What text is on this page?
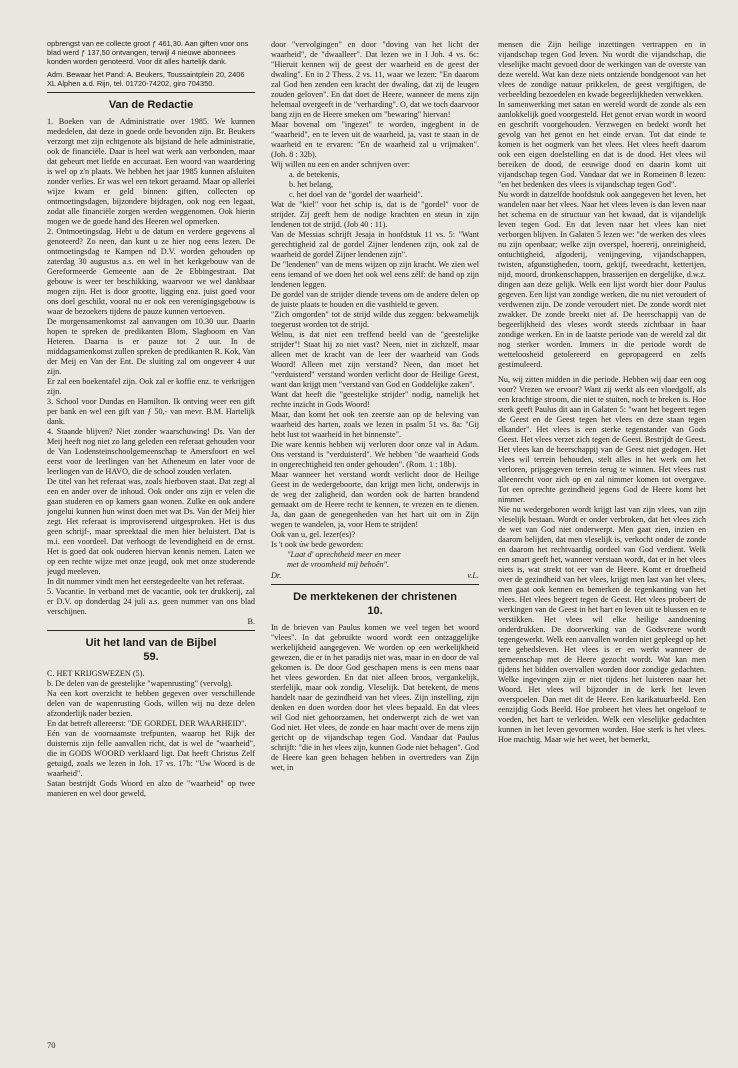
opbrengst van ee collecte groot ƒ 461,30. Aan giften voor ons blad werd ƒ 137,50 ontvangen, terwijl 4 nieuwe abonnees konden worden genoteerd. Voor dit alles hartelijk dank.

Adm. Bewaar het Pand: A. Beukers, Toussaintplein 20, 2406 XL Alphen a.d. Rijn, tel. 01720-74202, giro 704350.

Van de Redactie

1. Boeken van de Administratie over 1985. We kunnen mededelen, dat deze in goede orde bevonden zijn. Br. Beukers verzorgt met zijn echtgenote als bijstand de hele administratie, ook de financiële. Daar is heel wat werk aan verbonden, maar dat gebeurt met liefde en accuraat. Een woord van waardering is wel op z'n plaats. We hebben het jaar 1985 kunnen afsluiten zonder verlies. Er was wel een tekort geraamd. Maar op allerlei wijze kwam er geld binnen: giften, collecten op ontmoetingsdagen, bijzondere bijdragen, ook nog een legaat, zodat alle financiële zorgen werden weggenomen. Ook hierin mogen we de goede hand des Heeren wel opmerken.

2. Ontmoetingsdag. Hebt u de datum en verdere gegevens al genoteerd? Zo neen, dan kunt u ze hier nog eens lezen. De ontmoetingsdag te Kampen nd D.V. worden gehouden op zaterdag 30 augustus a.s. en wel in het kerkgebouw van de Gereformeerde Gemeente aan de 2e Ebbingestraat. Dat gebouw is weer ter beschikking, waarvoor we wel dankbaar mogen zijn. Het is door grootte, ligging enz. juist goed voor ons doel geschikt, vooral nu er ook een verenigingsgebouw is waar de bezoekers tijdens de pauze kunnen vertoeven.

De morgensamenkomst zal aanvangen om 10.30 uur. Daarin hopen te spreken de predikanten Blom, Slagboom en Van Heteren. Daarna is er pauze tot 2 uur. In de middagsamenkomst zullen spreken de predikanten R. Kok, Van der Meij en Van der Ent. De sluiting zal om ongeveer 4 uur zijn.

Er zal een boekentafel zijn. Ook zal er koffie enz. te verkrijgen zijn.

3. School voor Dundas en Hamilton. Ik ontving weer een gift per bank en wel een gift van ƒ 50,- van mevr. B.M. Hartelijk dank.

4. Staande blijven? Niet zonder waarschuwing! Ds. Van der Meij heeft nog niet zo lang geleden een referaat gehouden voor de Van Lodensteinschoolgemeenschap te Amersfoort en wel eerst voor de leerlingen van het Atheneum en later voor de leerlingen van de HAVO, die de school zouden verlaten.

De titel van het referaat was, zoals hierboven staat. Dat zegt al een en ander over de inhoud. Ook onder ons zijn er velen die gaan studeren en op kamers gaan wonen. Zulke en ook andere jongelui kunnen hun winst doen met wat Ds. Van der Meij hier zegt. Het referaat is improviserend uitgesproken. Het is dus geen schrijf-, maar spreektaal die men hier beluistert. Dat is m.i. een voordeel. Dat verhoogt de levendigheid en de ernst. Het is goed dat ook ouderen hiervan kennis nemen. Laten we op een rechte wijze met onze jeugd, ook met onze studerende jeugd meeleven.

In dit nummer vindt men het eerstegedeelte van het referaat.

5. Vacantie. In verband met de vacantie, ook ter drukkerij, zal er D.V. op donderdag 24 juli a.s. geen nummer van ons blad verschijnen.

B.
Uit het land van de Bijbel
59.

C. HET KRIJGSWEZEN (5).

b. De delen van de geestelijke "wapenrusting" (vervolg).

Na een kort overzicht te hebben gegeven over verschillende delen van de wapenrusting Gods, willen wij nu deze delen afzonderlijk nader bezien.

En dat betreft allereerst: "DE GORDEL DER WAARHEID".

Eén van de voornaamste trefpunten, waarop het Rijk der duisternis zijn felle aanvallen richt, dat is wel de "waarheid", die in GODS WOORD verklaard ligt. Dat heeft Christus Zelf getuigd, zoals we lezen in Joh. 17 vs. 17b: "Uw Woord is de waarheid".

Satan bestrijdt Gods Woord en alzo de "waarheid" op twee manieren en wel door geweld,

door "vervolgingen" en door "doving van het licht der waarheid", de "dwaalleer". Dat lezen we in I Joh. 4 vs. 6c: "Hieruit kennen wij de geest der waarheid en de geest der dwaling". En in 2 Thess. 2 vs. 11, waar we lezen: "En daarom zal God hen zenden een kracht der dwaling, dat zij de leugen zouden geloven". En dat doet de Heere, wanneer de mens zijn helemaal overgeeft in de "verharding". O, dat we toch daarvoor bang zijn en de Heere smeken om "bewaring" hiervan!

Maar bovenal om "ingezet" te worden, ingegbent in de "waarheid", en te leven uit de waarheid, ja, vast te staan in de waarheid en te ervaren: "En de waarheid zal u vrijmaken". (Joh. 8 : 32b).

Wij willen nu een en ander schrijven over:

a. de betekenis,
b. het belang,
c. het doel van de "gordel der waarheid".

Wat de "kiel" voor het schip is, dat is de "gordel" voor de strijder. Zij geeft hem de nodige krachten en steun in zijn lendenen tot de strijd. (Job 40 : 11).

Van de Messias schrijft Jesaja in hoofdstuk 11 vs. 5: "Want gerechtigheid zal de gordel Zijner lendenen zijn, ook zal de waarheid de gordel Zijner lendenen zijn".

De "lendenen" van de mens wijzen op zijn kracht. We zien wel eens iemand of we doen het ook wel eens zélf: de hand op zijn lendenen leggen.

De gordel van de strijder diende tevens om de andere delen op de juiste plaats te houden en die vasthield te geven.

"Zich omgorden" tot de strijd wilde dus zeggen: bekwamelijk toegerust worden tot de strijd.

Welnu, is dat niet een treffend beeld van de "geestelijke strijder"! Staat hij zo niet vast? Neen, niet in zichzelf, maar alleen met de kracht van de leer der waarheid van Gods Woord! Alleen met zijn verstand? Neen, dan moet het "verduisterd" verstand worden verlicht door de Heilige Geest, want dan krijgt men "verstand van God en Goddelijke zaken".

Want dat heeft die "geestelijke strijder" nodig, namelijk het rechte inzicht in Gods Woord!

Maar, dan komt het ook ten zeerste aan op de beleving van waarheid des harten, zoals we lezen in psalm 51 vs. 8a: "Gij hebt lust tot waarheid in het binnenste".

Die ware kennis hebben wij verloren door onze val in Adam. Ons verstand is "verduisterd". We hebben "de waarheid Gods in ongerechtigheid ten onder gehouden". (Rom. 1 : 18b).

Maar wanneer het verstand wordt verlicht door de Heilige Geest in de wedergeboorte, dan krijgt men licht, onderwijs in de weg der zaligheid, dan worden ook de harten brandend gemaakt om de Heere recht te kennen, te vrezen en te dienen. Ja, dan gaan de genegenheden van het hart uit om in Zijn wegen te wandelen, ja, voor Hem te strijden!

Ook van u, gel. lezer(es)?

Is 't ook úw bede geworden:

"Laat d' oprechtheid meer en meer
met de vroomheid mij behoên".
Dr.	v.L.
De merktekenen der christenen
10.

In de brieven van Paulus komen we veel tegen het woord "vlees". In dat gebruikte woord wordt een ontzaggelijke werkelijkheid aangegeven. We worden op een werkelijkheid gewezen, die er in het paradijs niet was, maar in en door de val gekomen is. De door God geschapen mens is een mens naar het vlees geworden. En dat niet alleen broos, vergankelijk, sterfelijk, maar ook zondig. Vleselijk. Dat betekent, de mens handelt naar de gezindheid van het vlees. Zijn instelling, zijn denken en doen worden door het vlees bepaald. En dat vlees wil God niet gehoorzamen, het onderwerpt zich de wet van God niet. Het vlees, de zonde en haar macht over de mens zijn gericht op de vijandschap tegen God. Vandaar dat Paulus schrijft: "die in het vlees zijn, kunnen Gode niet behagen". God de Heere kan geen behagen hebben in overtreders van Zijn wet, in

mensen die Zijn heilige inzettingen vertrappen en in vijandschap tegen God leven. Nu wordt die vijandschap, die vleselijke macht gevoed door de werkingen van de overste van deze wereld. Wat kan deze niets ontziende bondgenoot van het vlees de zondige natuur prikkelen, de geest vergiftigen, de verbeelding bezoedelen en kwade begeerlijkheden verwekken.

In samenwerking met satan en wereld wordt de zonde als een aanlokkelijk goed voorgesteld. Het genot ervan wordt in woord en geschrift voorgehouden. Verzwegen en bedekt wordt het gevolg van het genot en het einde ervan. Tot dat einde te komen is het oogmerk van het vlees. Het vlees heeft daarom ook een eigen doelstelling en dat is de dood. Het vlees wil bereiken de dood, de eeuwige dood en daarin komt uit vijandschap tegen God. Vandaar dat we in Romeinen 8 lezen: "en het bedenken des vlees is vijandschap tegen God".

Nu wordt in datzelfde hoofdstuk ook aangegeven het leven, het wandelen naar het vlees. Naar het vlees leven is dan leven naar het schema en de structuur van het kwaad, dat is vijandelijk leven tegen God. En dat leven naar het vlees kan niet verborgen blijven. In Galaten 5 lezen we: "de werken des vlees nu zijn openbaar; welke zijn overspel, hoererij, onreinigheid, ontuchtigheid, afgoderij, venijngeving, vijandschappen, twisten, afgunstigheden, toorn, gekijf, tweedracht, ketterijen, nijd, moord, dronkenschappen, brasserijen en dergelijke, d.w.z. dingen aan deze gelijk. Welk een lijst wordt hier door Paulus gegeven. Een lijst van zondige werken, die nu niet veroudert of verdwenen zijn. De zonde veroudert niet. De zonde wordt niet zwakker. De zonde breekt niet af. De heerschappij van de begeerlijkheid des vleses wordt steeds zichtbaar in haar zondige werken. En in de laatste periode van de wereld zal dit nog sterker worden. Immers in die periode wordt de wetteloosheid getolereerd en gepropageerd en zelfs gestimuleerd.

Nu, wij zitten midden in die periode. Hebben wij daar een oog voor? Vrezen we ervoor? Want zij werkt als een vloedgolf, als een krachtige stroom, die niet te stuiten, noch te breken is. Hoe sterk geeft Paulus dit aan in Galaten 5: "want het begeert tegen de Geest en de Geest tegen het vlees en deze staan tegen elkander". Het vlees is een sterke tegenstander van Gods Geest. Het vlees verzet zich tegen de Geest. Bestrijdt de Geest. Het vlees kan de heerschappij van de Geest niet gedogen. Het vlees wil terrein behouden, stelt alles in het werk om het verloren, prijsgegeven terrein terug te winnen. Het vlees rust alleenrecht voor zich op en zal nimmer komen tot overgave. Tot een oprechte gezindheid jegens God de Heere komt het nimmer.

Nie nu wedergeboren wordt krijgt last van zijn vlees, van zijn vleselijk bestaan. Wordt er onder verbroken, dat het vlees zich de wet van God niet onderwerpt. Men gaat zien, inzien en daarom belijden, dat men vleselijk is, verkocht onder de zonde en daarom het rechtvaardig oordeel van God verdient. Welk een smart geeft het, wanneer verstaan wordt, dat er in het vlees niets is, wat strekt tot eer van de Heere. Komt er droefheid over de gezindheid van het vlees, krijgt men last van het vlees, men gaat ook kennen en bemerken de tegenkanting van het vlees. Het vlees begeert tegen de Geest. Het vlees probeert de werkingen van de Geest in het hart en leven uit te blussen en te verstikken. Het vlees wil elke heilige aandoening onderdrukken. De doorwerking van de Godsvreze wordt tegengewerkt. Welk een aanvallen worden niet gepleegd op het tere gebedsleven. Het vlees is er en werkt wanneer de gemeenschap met de Heere gezocht wordt. Wat kan men tijdens het bidden overvallen worden door zondige gedachten. Welke ingevingen zijn er niet tijdens het luisteren naar het Woord. Het vlees wil bijzonder in de kerk het leven overspoelen. Dan met dit de Heere. Een karikatuurbeeld. Een eenzijdig Gods Beeld. Hoe probeert het vlees het ongeloof te voeden, het hart te verleiden. Welk een vleselijke gedachten kunnen in het leven gevormen worden. Hoe sterk is het vlees. Hoe machtig. Maar wie het weet, het bemerkt,

70
